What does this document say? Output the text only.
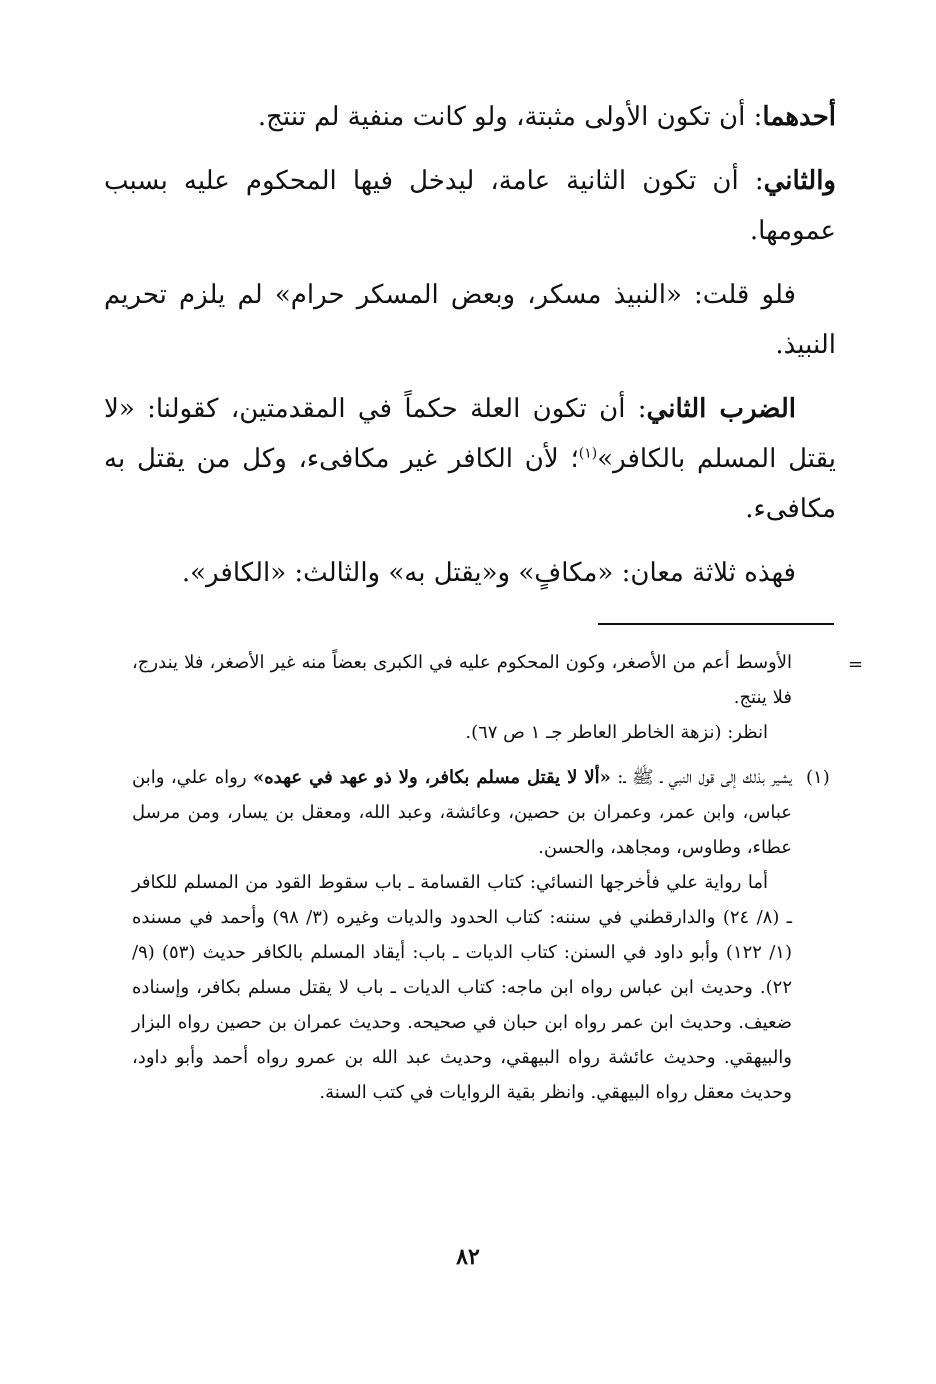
أحدهما: أن تكون الأولى مثبتة، ولو كانت منفية لم تنتج.

والثاني: أن تكون الثانية عامة، ليدخل فيها المحكوم عليه بسبب عمومها.

فلو قلت: «النبيذ مسكر، وبعض المسكر حرام» لم يلزم تحريم النبيذ.

الضرب الثاني: أن تكون العلة حكماً في المقدمتين، كقولنا: «لا يقتل المسلم بالكافر»$^{(١)}$؛ لأن الكافر غير مكافىء، وكل من يقتل به مكافىء.

فهذه ثلاثة معان: «مكافٍ» و«يقتل به» والثالث: «الكافر».

=

الأوسط أعم من الأصغر، وكون المحكوم عليه في الكبرى بعضاً منه غير الأصغر، فلا يندرج، فلا ينتج.

انظر: (نزهة الخاطر العاطر جـ ١ ص ٦٧).

(١)

يشير بذلك إلى قول النبي ـ ﷺ ـ: «ألا لا يقتل مسلم بكافر، ولا ذو عهد في عهده» رواه علي، وابن عباس، وابن عمر، وعمران بن حصين، وعائشة، وعبد الله، ومعقل بن يسار، ومن مرسل عطاء، وطاوس، ومجاهد، والحسن.

أما رواية علي فأخرجها النسائي: كتاب القسامة ـ باب سقوط القود من المسلم للكافر ـ (٨/ ٢٤) والدارقطني في سننه: كتاب الحدود والديات وغيره (٣/ ٩٨) وأحمد في مسنده (١/ ١٢٢) وأبو داود في السنن: كتاب الديات ـ باب: أيقاد المسلم بالكافر حديث (٥٣) (٩/ ٢٢). وحديث ابن عباس رواه ابن ماجه: كتاب الديات ـ باب لا يقتل مسلم بكافر، وإسناده ضعيف. وحديث ابن عمر رواه ابن حبان في صحيحه. وحديث عمران بن حصين رواه البزار والبيهقي. وحديث عائشة رواه البيهقي، وحديث عبد الله بن عمرو رواه أحمد وأبو داود، وحديث معقل رواه البيهقي. وانظر بقية الروايات في كتب السنة.

٨٢
